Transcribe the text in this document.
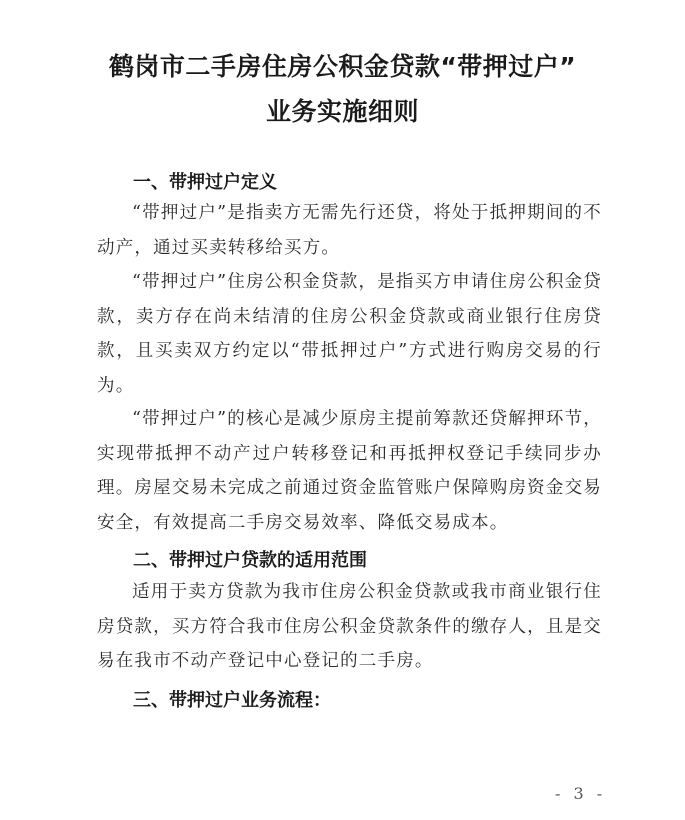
鹤岗市二手房住房公积金贷款“带押过户”
业务实施细则
一、带押过户定义
“带押过户”是指卖方无需先行还贷，将处于抵押期间的不动产，通过买卖转移给买方。
“带押过户”住房公积金贷款，是指买方申请住房公积金贷款，卖方存在尚未结清的住房公积金贷款或商业银行住房贷款，且买卖双方约定以“带抵押过户”方式进行购房交易的行为。
“带押过户”的核心是减少原房主提前筹款还贷解押环节，实现带抵押不动产过户转移登记和再抵押权登记手续同步办理。房屋交易未完成之前通过资金监管账户保障购房资金交易安全，有效提高二手房交易效率、降低交易成本。
二、带押过户贷款的适用范围
适用于卖方贷款为我市住房公积金贷款或我市商业银行住房贷款，买方符合我市住房公积金贷款条件的缴存人，且是交易在我市不动产登记中心登记的二手房。
三、带押过户业务流程：
- 3 -
